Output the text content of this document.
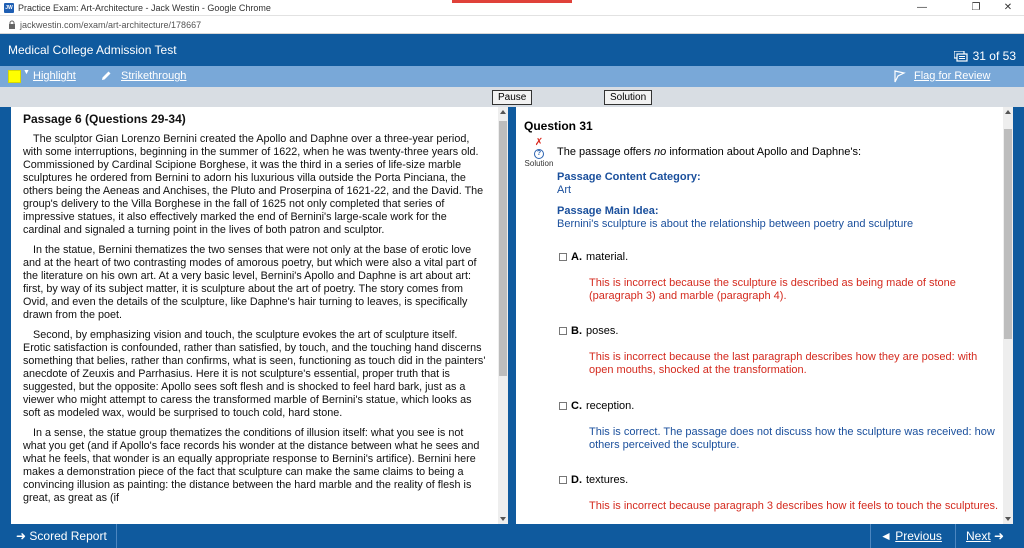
JW Practice Exam: Art-Architecture - Jack Westin - Google Chrome	—	❐	✕
jackwestin.com/exam/art-architecture/178667
Medical College Admission Test	31 of 53
▼ Highlight	Strikethrough	Flag for Review
Pause	Solution
Passage 6 (Questions 29-34)

The sculptor Gian Lorenzo Bernini created the Apollo and Daphne over a three-year period, with some interruptions, beginning in the summer of 1622, when he was twenty-three years old. Commissioned by Cardinal Scipione Borghese, it was the third in a series of life-size marble sculptures he ordered from Bernini to adorn his luxurious villa outside the Porta Pinciana, the others being the Aeneas and Anchises, the Pluto and Proserpina of 1621-22, and the David. The group's delivery to the Villa Borghese in the fall of 1625 not only completed that series of impressive statues, it also effectively marked the end of Bernini's large-scale work for the cardinal and signaled a turning point in the lives of both patron and sculptor.

In the statue, Bernini thematizes the two senses that were not only at the base of erotic love and at the heart of two contrasting modes of amorous poetry, but which were also a vital part of the literature on his own art. At a very basic level, Bernini's Apollo and Daphne is art about art: first, by way of its subject matter, it is sculpture about the art of poetry. The story comes from Ovid, and even the details of the sculpture, like Daphne's hair turning to leaves, is specifically drawn from the poet.

Second, by emphasizing vision and touch, the sculpture evokes the art of sculpture itself. Erotic satisfaction is confounded, rather than satisfied, by touch, and the touching hand discerns something that belies, rather than confirms, what is seen, functioning as touch did in the painters' anecdote of Zeuxis and Parrhasius. Here it is not sculpture's essential, proper truth that is suggested, but the opposite: Apollo sees soft flesh and is shocked to feel hard bark, just as a viewer who might attempt to caress the transformed marble of Bernini's statue, which looks as soft as modeled wax, would be surprised to touch cold, hard stone.

In a sense, the statue group thematizes the conditions of illusion itself: what you see is not what you get (and if Apollo's face records his wonder at the distance between what he sees and what he feels, that wonder is an equally appropriate response to Bernini's artifice). Bernini here makes a demonstration piece of the fact that sculpture can make the same claims to being a convincing illusion as painting: the distance between the hard marble and the reality of flesh is great, as great as (if

Question 31
✗
?
Solution
The passage offers no information about Apollo and Daphne's:
Passage Content Category:
Art
Passage Main Idea:
Bernini's sculpture is about the relationship between poetry and sculpture
A. material.
This is incorrect because the sculpture is described as being made of stone (paragraph 3) and marble (paragraph 4).
B. poses.
This is incorrect because the last paragraph describes how they are posed: with open mouths, shocked at the transformation.
C. reception.
This is correct. The passage does not discuss how the sculpture was received: how others perceived the sculpture.
D. textures.
This is incorrect because paragraph 3 describes how it feels to touch the sculptures.
➜ Scored Report	◄ Previous	Next ➜
